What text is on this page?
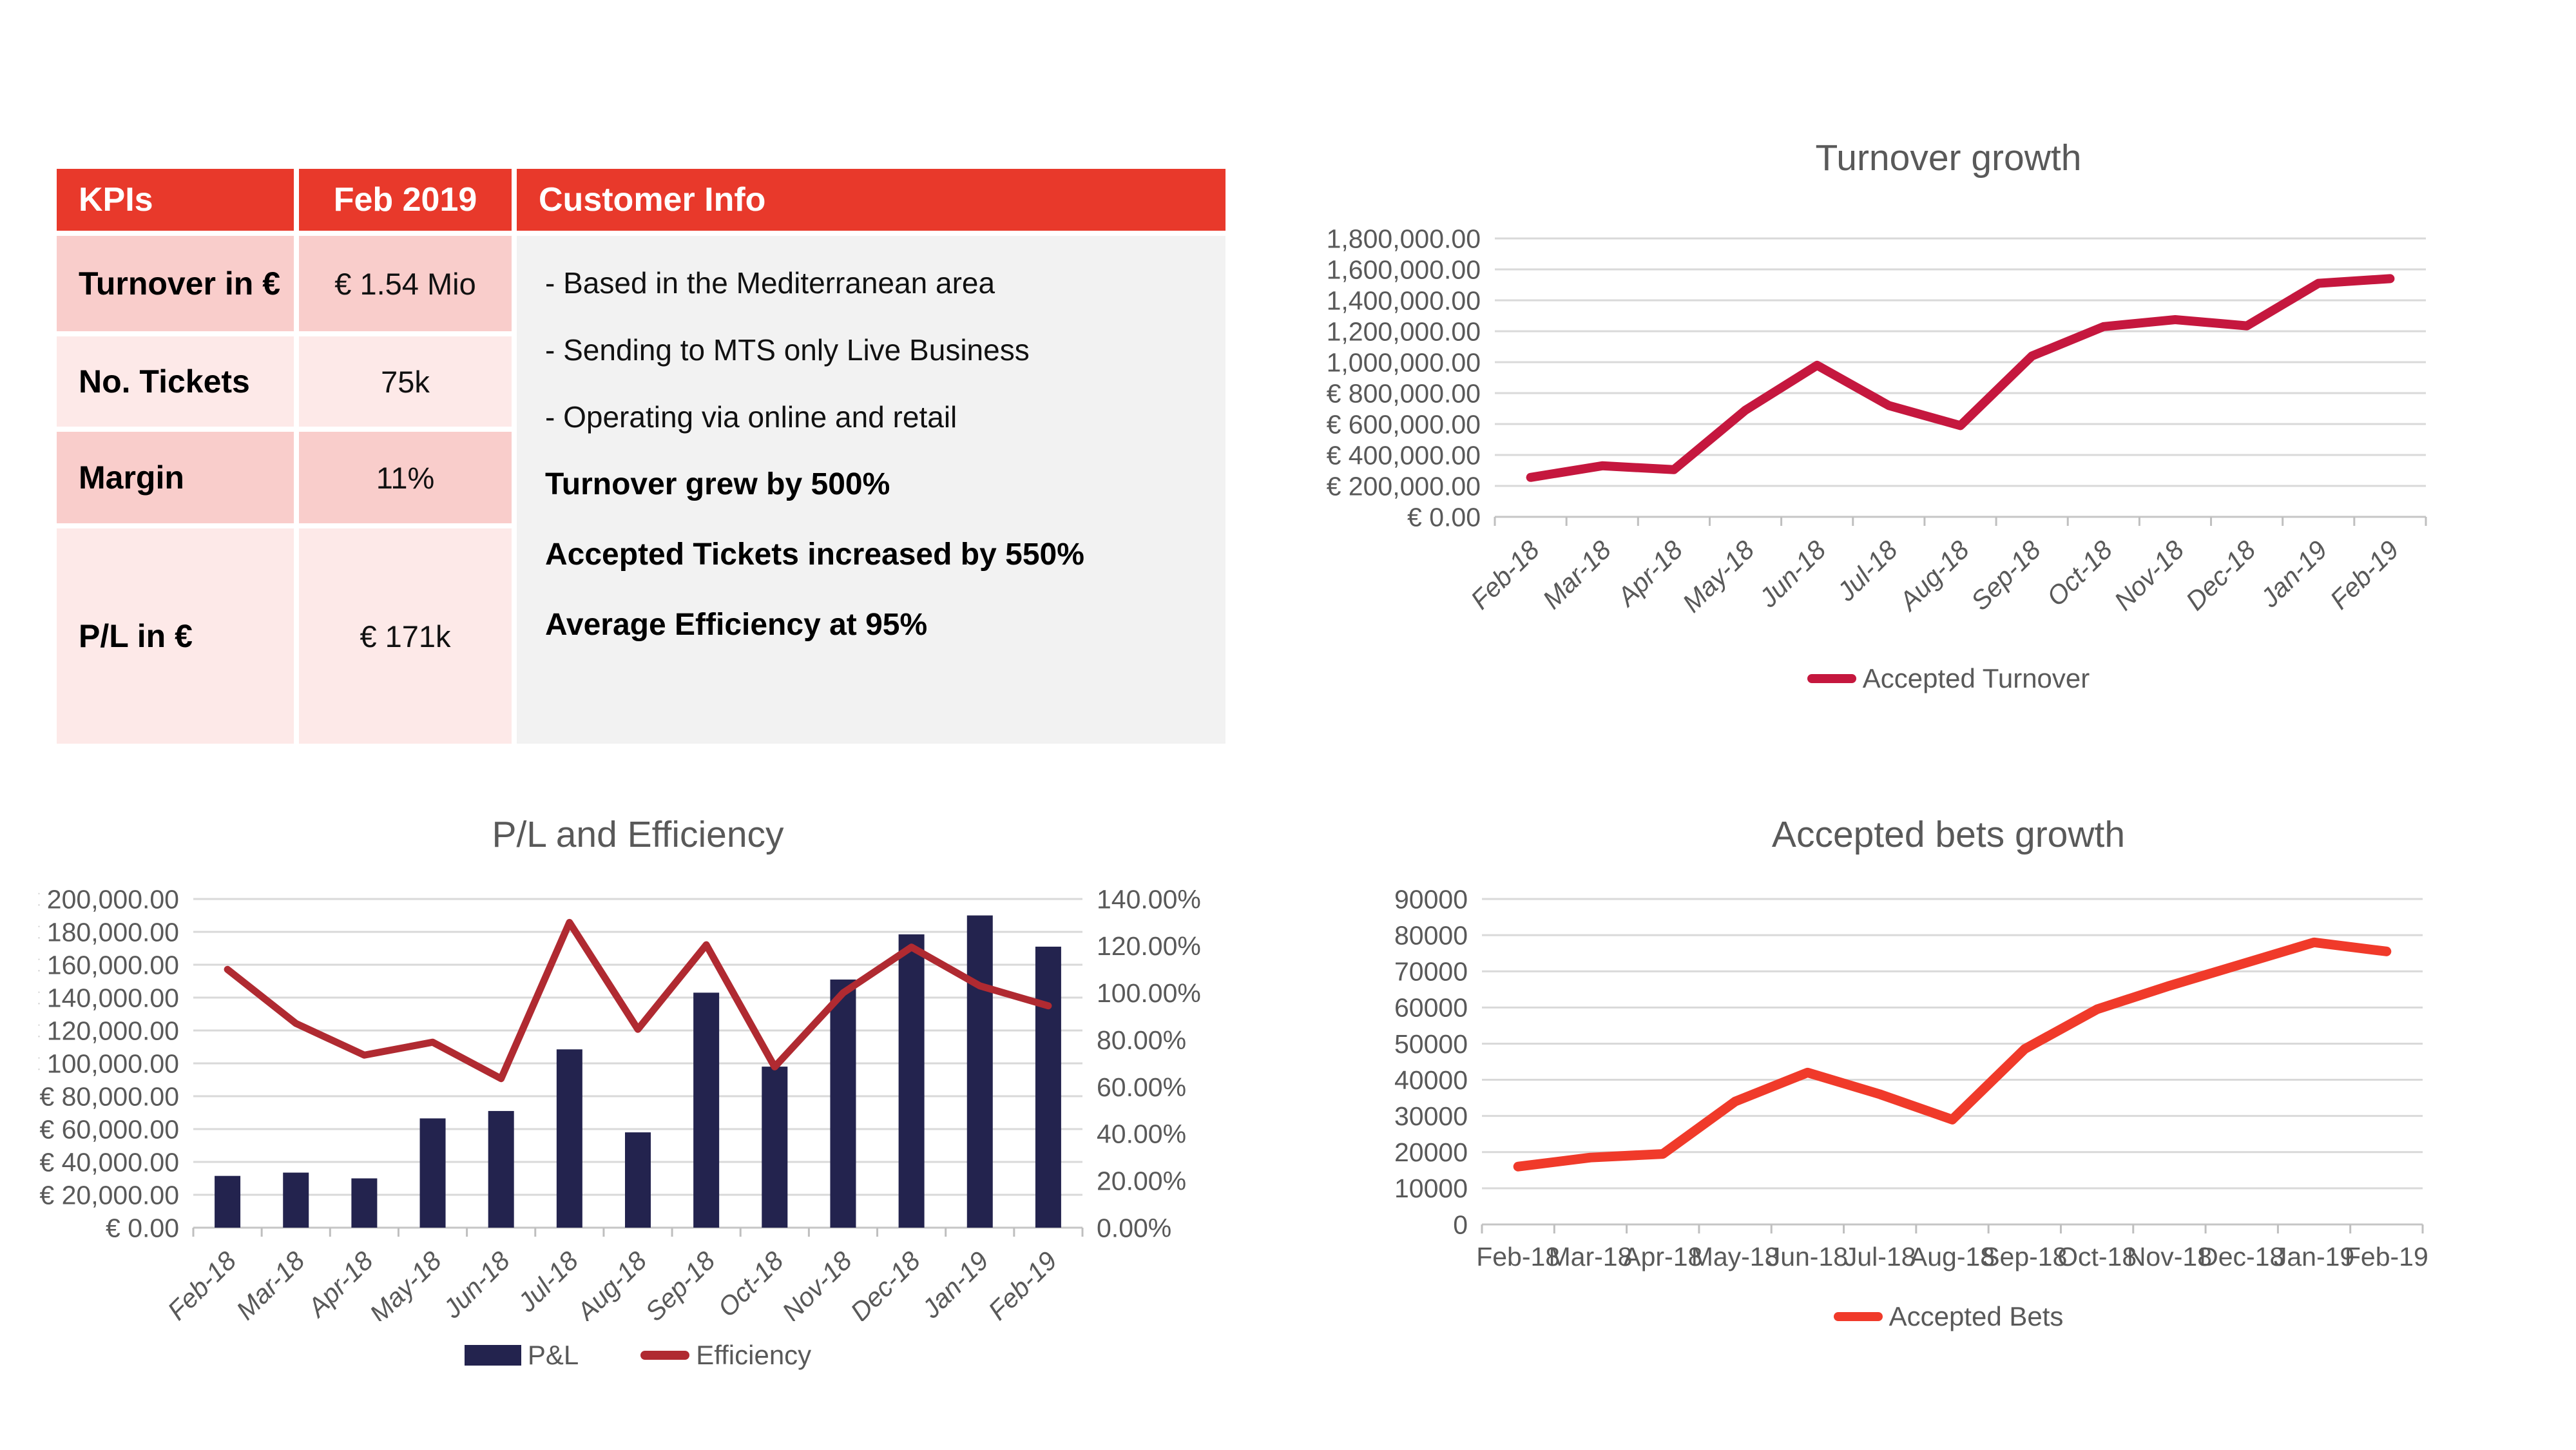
KPIs	Feb 2019	Customer Info
Turnover in €	€ 1.54 Mio
No. Tickets	75k
Margin	11%
P/L in €	€ 171k
- Based in the Mediterranean area
- Sending to MTS only Live Business
- Operating via online and retail
Turnover grew by 500%
Accepted Tickets increased by 550%
Average Efficiency at 95%
Turnover growth
€ 0.00
€ 200,000.00
€ 400,000.00
€ 600,000.00
€ 800,000.00
€ 1,000,000.00
€ 1,200,000.00
€ 1,400,000.00
€ 1,600,000.00
€ 1,800,000.00
Feb-18
Mar-18
Apr-18
May-18
Jun-18 Jul-18
Aug-18
Sep-18
Oct-18
Nov-18
Dec-18
Jan-19
Feb-19
Accepted Turnover
P/L and Efficiency
€ 0.00
€ 20,000.00
€ 40,000.00
€ 60,000.00
€ 80,000.00
€ 100,000.00
€ 120,000.00
€ 140,000.00
€ 160,000.00
€ 180,000.00
€ 200,000.00
0.00%
20.00%
40.00%
60.00%
80.00%
100.00%
120.00%
140.00%
Feb-18
Mar-18
Apr-18
May-18
Jun-18
Jul-18
Aug-18
Sep-18
Oct-18
Nov-18
Dec-18
Jan-19
Feb-19
P&L	Efficiency
Accepted bets growth
0
10000
20000
30000
40000
50000
60000
70000
80000
90000
Feb-18
Mar-18
Apr-18
May-18
Jun-18
Jul-18
Aug-18
Sep-18
Oct-18
Nov-18
Dec-18
Jan-19
Feb-19
Accepted Bets
